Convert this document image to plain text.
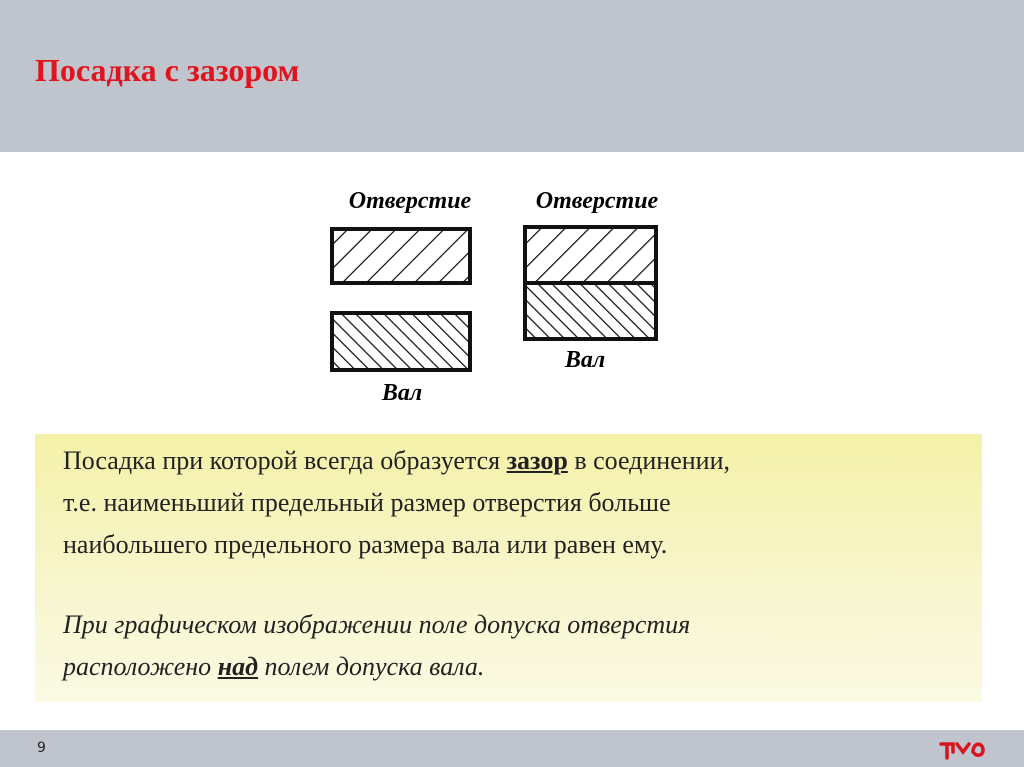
Посадка с зазором
Отверстие
Вал
Отверстие
Вал
Посадка при которой всегда образуется зазор в соединении,
т.е. наименьший предельный размер отверстия больше
наибольшего предельного размера вала или равен ему.
При графическом изображении поле допуска отверстия
расположено над полем допуска вала.
9
